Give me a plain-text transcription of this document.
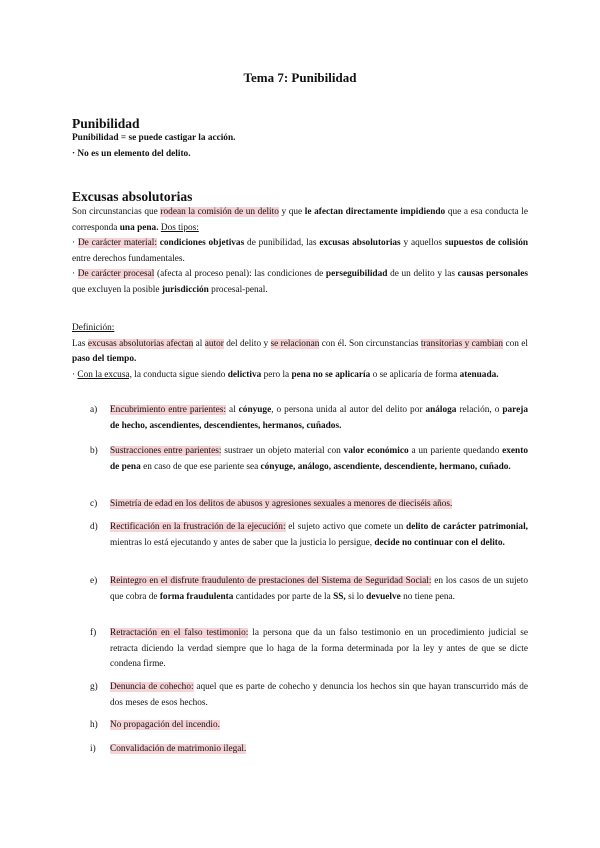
Tema 7: Punibilidad
Punibilidad
Punibilidad = se puede castigar la acción.
· No es un elemento del delito.
Excusas absolutorias
Son circunstancias que rodean la comisión de un delito y que le afectan directamente impidiendo que a esa conducta le corresponda una pena. Dos tipos:
· De carácter material: condiciones objetivas de punibilidad, las excusas absolutorias y aquellos supuestos de colisión entre derechos fundamentales.
· De carácter procesal (afecta al proceso penal): las condiciones de perseguibilidad de un delito y las causas personales que excluyen la posible jurisdicción procesal-penal.
Definición:
Las excusas absolutorias afectan al autor del delito y se relacionan con él. Son circunstancias transitorias y cambian con el paso del tiempo.
· Con la excusa, la conducta sigue siendo delictiva pero la pena no se aplicaría o se aplicaría de forma atenuada.
a) Encubrimiento entre parientes: al cónyuge, o persona unida al autor del delito por análoga relación, o pareja de hecho, ascendientes, descendientes, hermanos, cuñados.
b) Sustracciones entre parientes: sustraer un objeto material con valor económico a un pariente quedando exento de pena en caso de que ese pariente sea cónyuge, análogo, ascendiente, descendiente, hermano, cuñado.
c) Simetría de edad en los delitos de abusos y agresiones sexuales a menores de dieciséis años.
d) Rectificación en la frustración de la ejecución: el sujeto activo que comete un delito de carácter patrimonial, mientras lo está ejecutando y antes de saber que la justicia lo persigue, decide no continuar con el delito.
e) Reintegro en el disfrute fraudulento de prestaciones del Sistema de Seguridad Social: en los casos de un sujeto que cobra de forma fraudulenta cantidades por parte de la SS, si lo devuelve no tiene pena.
f) Retractación en el falso testimonio: la persona que da un falso testimonio en un procedimiento judicial se retracta diciendo la verdad siempre que lo haga de la forma determinada por la ley y antes de que se dicte condena firme.
g) Denuncia de cohecho: aquel que es parte de cohecho y denuncia los hechos sin que hayan transcurrido más de dos meses de esos hechos.
h) No propagación del incendio.
i) Convalidación de matrimonio ilegal.
